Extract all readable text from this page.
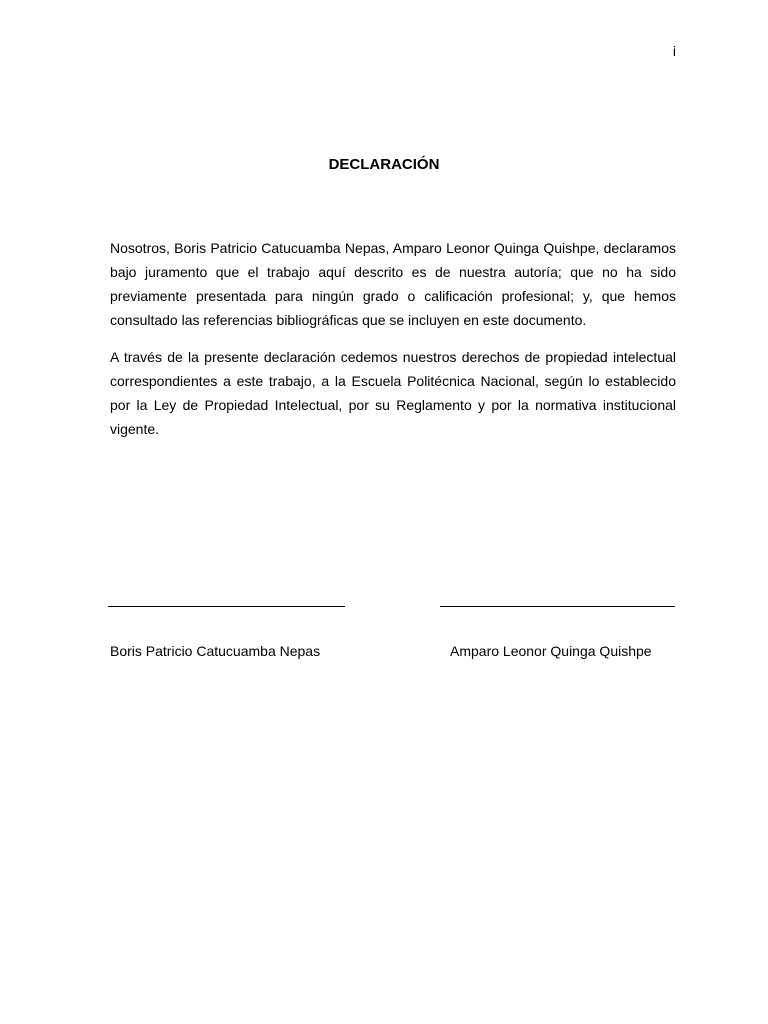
i
DECLARACIÓN

Nosotros, Boris Patricio Catucuamba Nepas, Amparo Leonor Quinga Quishpe, declaramos bajo juramento que el trabajo aquí descrito es de nuestra autoría; que no ha sido previamente presentada para ningún grado o calificación profesional; y, que hemos consultado las referencias bibliográficas que se incluyen en este documento.

A través de la presente declaración cedemos nuestros derechos de propiedad intelectual correspondientes a este trabajo, a la Escuela Politécnica Nacional, según lo establecido por la Ley de Propiedad Intelectual, por su Reglamento y por la normativa institucional vigente.

Boris Patricio Catucuamba Nepas	Amparo Leonor Quinga Quishpe
